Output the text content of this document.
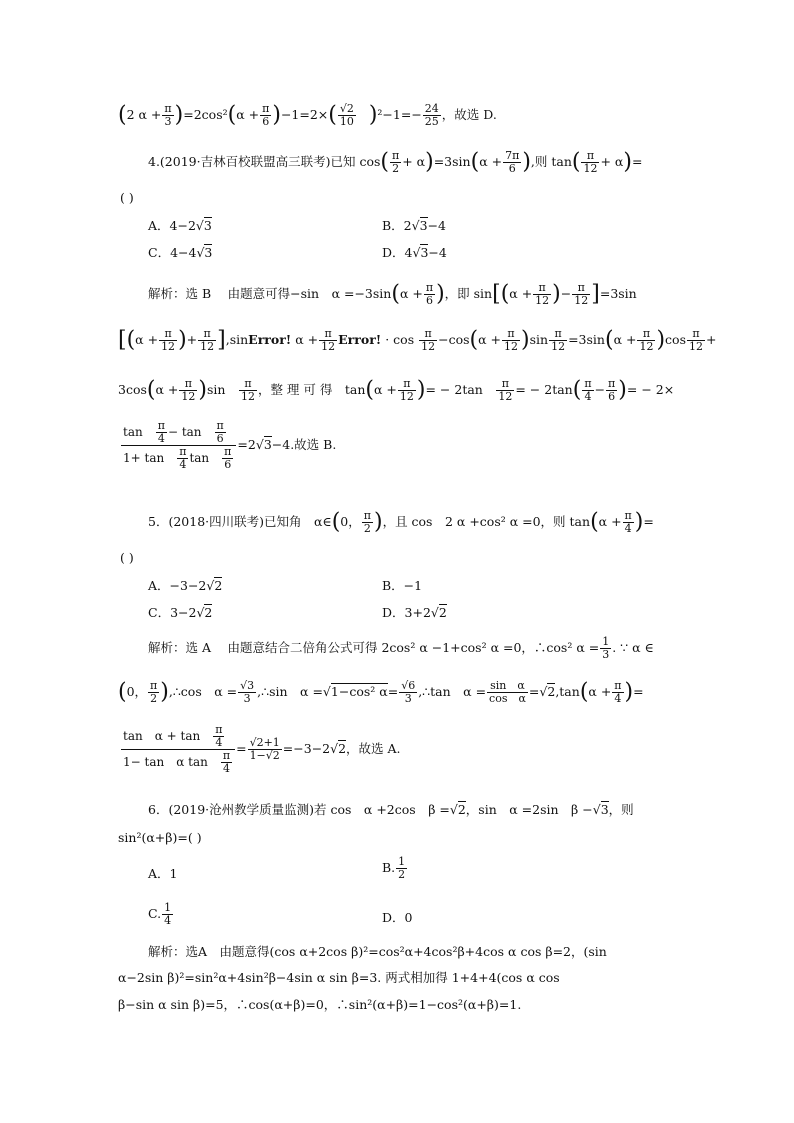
(2 $\alpha + \frac{\pi}{3} )=2\cos^2(\alpha + \frac{\pi}{6} )-1=2\times( \frac{√2}{10} )^2-1=- \frac{24}{25}$ ，故选 D.
4.(2019·吉林百校联盟高三联考)已知 $\cos( \frac{\pi}{2} + \alpha)=3\sin(\alpha + \frac{7\pi}{6}$ ),则 $\tan( \frac{\pi}{12} + \alpha)=$
( )
A．4−2√3	B．2√3−4
C．4−4√3	D．4√3−4
解析：选 B　 由题意可得−sin　$\alpha =-3\sin(\alpha + \frac{\pi}{6}$ )，即 $\sin[(\alpha + \frac{\pi}{12}$ )− $\frac{\pi}{12} ]=3\sin$
[($\alpha + \frac{\pi}{12}$ )+ $\frac{\pi}{12}$ ],sinError! $\alpha + \frac{\pi}{12}$ Error! · $\cos \frac{\pi}{12} -\cos(\alpha + \frac{\pi}{12} )\sin \frac{\pi}{12} =3\sin(\alpha + \frac{\pi}{12} )\cos \frac{\pi}{12}$ +
$3\cos(\alpha + \frac{\pi}{12} )\sin$　 $\frac{\pi}{12}$ ，整 理 可 得　$\tan(\alpha + \frac{\pi}{12}$ )= − 2tan　 $\frac{\pi}{12}$ = − $2\tan( \frac{\pi}{4} - \frac{\pi}{6}$ )= − 2×
$\frac{\tan \frac{\pi}{4} - \tan \frac{\pi}{6}}{1+ \tan \frac{\pi}{4} \tan \frac{\pi}{6}} =2√3-4$.故选 B.
5．(2018·四川联考)已知角　α∈(0， $\frac{\pi}{2}$ )，且 cos　2 α +cos² α =0，则 $\tan(\alpha + \frac{\pi}{4}$ )=
( )
A．−3−2√2	B．−1
C．3−2√2	D．3+2√2
解析：选 A　 由题意结合二倍角公式可得 2cos² α −1+cos² α =0，∴cos² $\alpha = \frac{1}{3}$ . ∵ α ∈
(0， $\frac{\pi}{2}$ ),∴cos　$\alpha = \frac{√3}{3}$ ,∴sin　α =√1−cos² $\alpha= \frac{√6}{3}$ ,∴tan　$\alpha = \frac{\text{sin　α}}{\text{cos　α}} =√2,\tan(\alpha + \frac{\pi}{4}$ )=
$\frac{\tan \alpha + \tan \frac{\pi}{4}}{1- \tan \alpha \tan \frac{\pi}{4}} = \frac{√2+1}{1-√2} =-3-2√2$，故选 A.
6．(2019·沧州教学质量监测)若 cos　α +2cos　β =√2，sin　α =2sin　β −√3，则
sin²(α+β)=( )
A．1	B. $\frac{1}{2}$
C. $\frac{1}{4}$	D．0
解析：选A　由题意得(cos α+2cos β)²=cos²α+4cos²β+4cos α cos β=2，(sin
α−2sin β)²=sin²α+4sin²β−4sin α sin β=3. 两式相加得 1+4+4(cos α cos
β−sin α sin β)=5，∴cos(α+β)=0，∴sin²(α+β)=1−cos²(α+β)=1.
